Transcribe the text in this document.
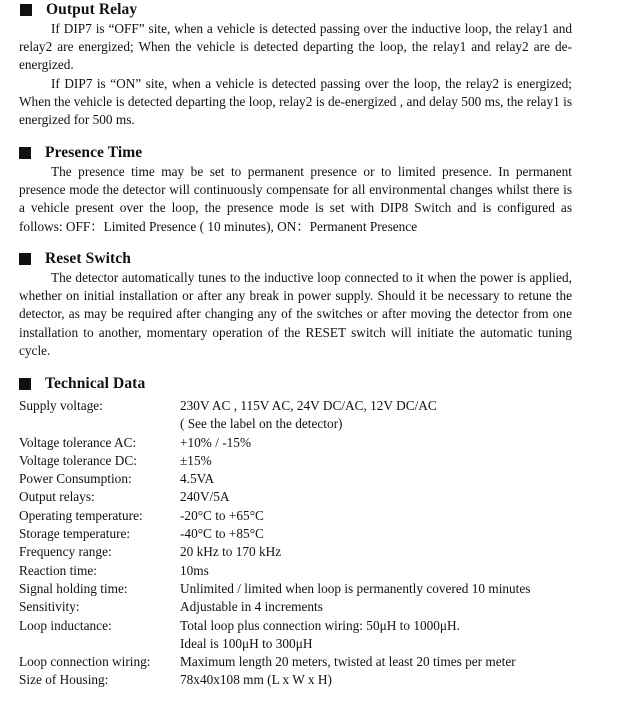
Output Relay

If DIP7 is “OFF” site, when a vehicle is detected passing over the inductive loop, the relay1 and relay2 are energized; When the vehicle is detected departing the loop, the relay1 and relay2 are de-energized.

If DIP7 is “ON” site, when a vehicle is detected passing over the loop, the relay2 is energized; When the vehicle is detected departing the loop, relay2 is de-energized , and delay 500 ms, the relay1 is energized for 500 ms.

Presence Time

The presence time may be set to permanent presence or to limited presence. In permanent presence mode the detector will continuously compensate for all environmental changes whilst there is a vehicle present over the loop, the presence mode is set with DIP8 Switch and is configured as follows: OFF：Limited Presence ( 10 minutes), ON：Permanent Presence

Reset Switch

The detector automatically tunes to the inductive loop connected to it when the power is applied, whether on initial installation or after any break in power supply. Should it be necessary to retune the detector, as may be required after changing any of the switches or after moving the detector from one installation to another, momentary operation of the RESET switch will initiate the automatic tuning cycle.

Technical Data
Supply voltage:	230V AC , 115V AC, 24V DC/AC, 12V DC/AC
( See the label on the detector)
Voltage tolerance AC:	+10% / -15%
Voltage tolerance DC:	±15%
Power Consumption:	4.5VA
Output relays:	240V/5A
Operating temperature:	-20°C to +65°C
Storage temperature:	-40°C to +85°C
Frequency range:	20 kHz to 170 kHz
Reaction time:	10ms
Signal holding time:	Unlimited / limited when loop is permanently covered 10 minutes
Sensitivity:	Adjustable in 4 increments
Loop inductance:	Total loop plus connection wiring: 50μH to 1000μH.
Ideal is 100μH to 300μH
Loop connection wiring:	Maximum length 20 meters, twisted at least 20 times per meter
Size of Housing:	78x40x108 mm (L x W x H)
